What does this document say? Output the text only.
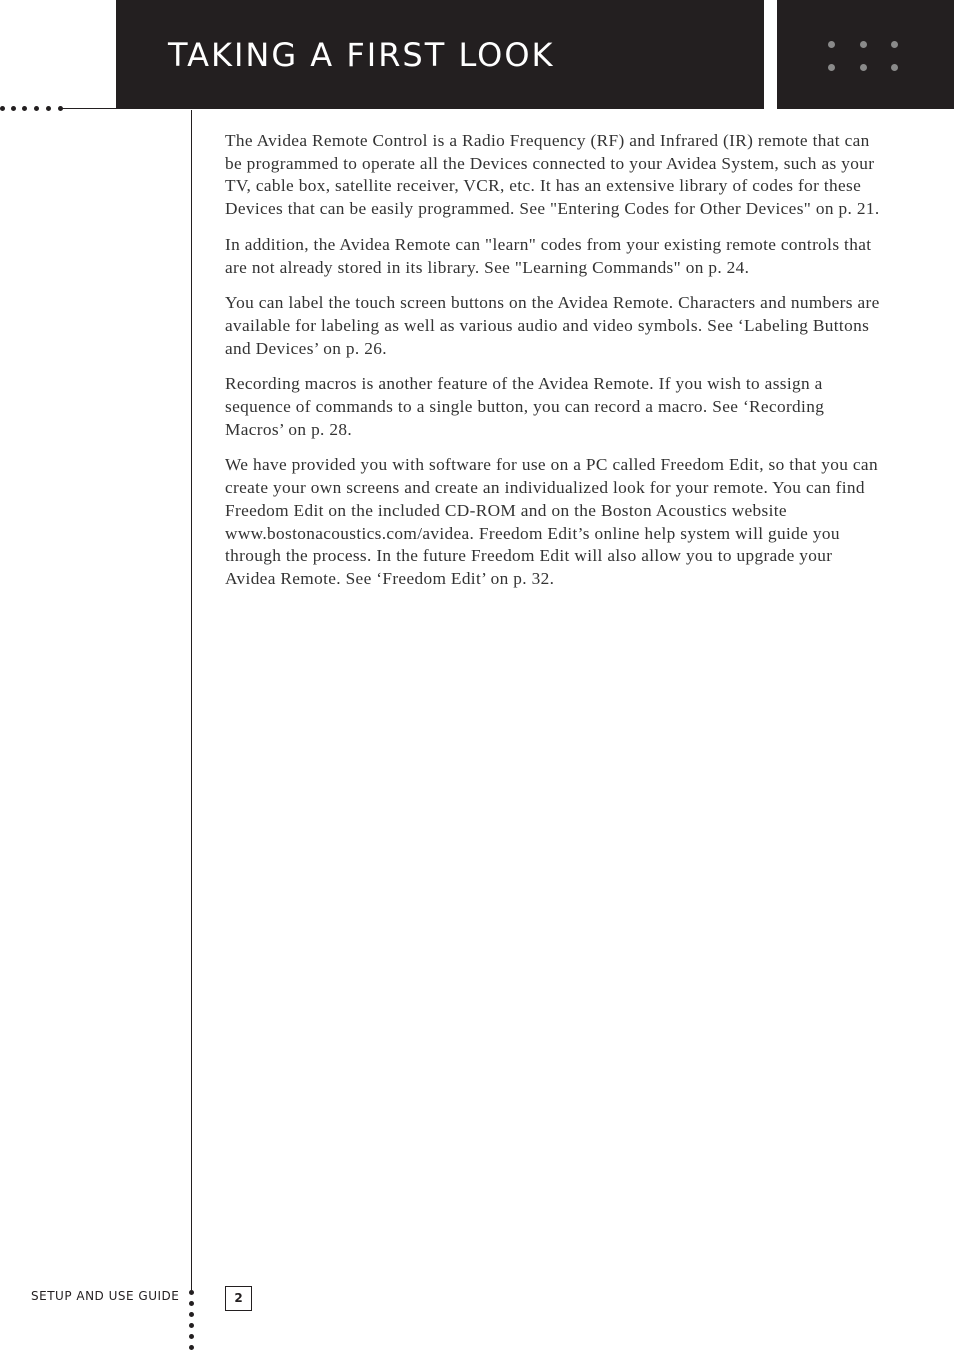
TAKING A FIRST LOOK

The Avidea Remote Control is a Radio Frequency (RF) and Infrared (IR) remote that can be programmed to operate all the Devices connected to your Avidea System, such as your TV, cable box, satellite receiver, VCR, etc. It has an extensive library of codes for these Devices that can be easily programmed. See "Entering Codes for Other Devices" on p. 21.

In addition, the Avidea Remote can "learn" codes from your existing remote controls that are not already stored in its library. See "Learning Commands" on p. 24.

You can label the touch screen buttons on the Avidea Remote. Characters and numbers are available for labeling as well as various audio and video symbols. See ‘Labeling Buttons and Devices’ on p. 26.

Recording macros is another feature of the Avidea Remote. If you wish to assign a sequence of commands to a single button, you can record a macro. See ‘Recording Macros’ on p. 28.

We have provided you with software for use on a PC called Freedom Edit, so that you can create your own screens and create an individualized look for your remote. You can find Freedom Edit on the included CD-ROM and on the Boston Acoustics website www.bostonacoustics.com/avidea. Freedom Edit’s online help system will guide you through the process. In the future Freedom Edit will also allow you to upgrade your Avidea Remote. See ‘Freedom Edit’ on p. 32.

SETUP AND USE GUIDE	2
